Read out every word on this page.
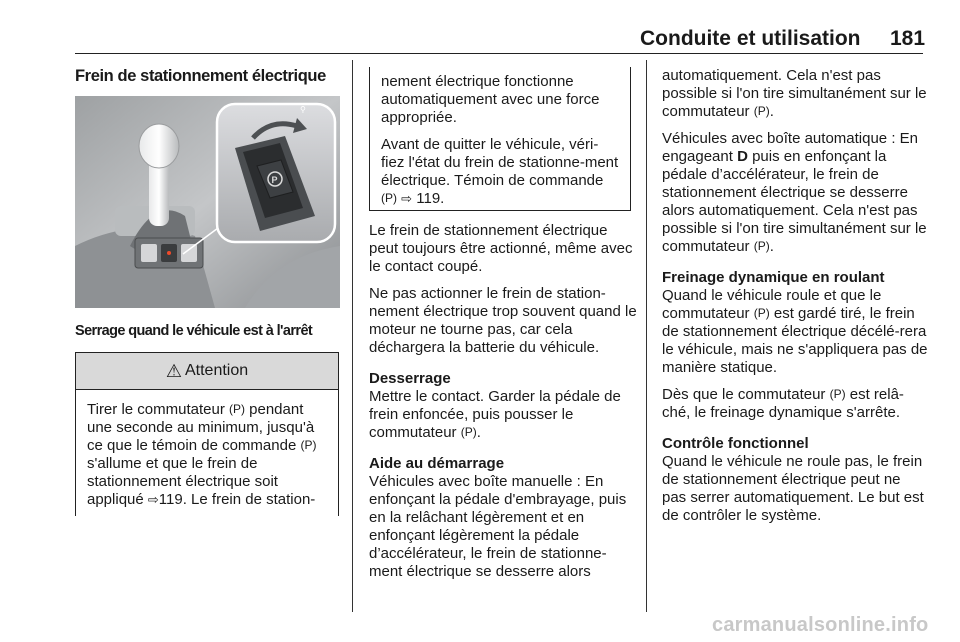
Conduite et utilisation 181
Frein de stationnement électrique
P
⚲
Serrage quand le véhicule est à l'arrêt
⚠ Attention
Tirer le commutateur (P) pendant une seconde au minimum, jusqu'à ce que le témoin de commande (P) s'allume et que le frein de stationnement électrique soit appliqué ⇨119. Le frein de station-

nement électrique fonctionne automatiquement avec une force appropriée.

Avant de quitter le véhicule, véri-fiez l'état du frein de stationne-ment électrique. Témoin de commande (P) ⇨ 119.

Le frein de stationnement électrique peut toujours être actionné, même avec le contact coupé.

Ne pas actionner le frein de station-nement électrique trop souvent quand le moteur ne tourne pas, car cela déchargera la batterie du véhicule.

Desserrage
Mettre le contact. Garder la pédale de frein enfoncée, puis pousser le commutateur (P).

Aide au démarrage
Véhicules avec boîte manuelle : En enfonçant la pédale d'embrayage, puis en la relâchant légèrement et en enfonçant légèrement la pédale d’accélérateur, le frein de stationne-ment électrique se desserre alors

automatiquement. Cela n'est pas possible si l'on tire simultanément sur le commutateur (P).

Véhicules avec boîte automatique : En engageant D puis en enfonçant la pédale d’accélérateur, le frein de stationnement électrique se desserre alors automatiquement. Cela n'est pas possible si l'on tire simultanément sur le commutateur (P).

Freinage dynamique en roulant
Quand le véhicule roule et que le commutateur (P) est gardé tiré, le frein de stationnement électrique décélé-rera le véhicule, mais ne s'appliquera pas de manière statique.

Dès que le commutateur (P) est relâ-ché, le freinage dynamique s'arrête.

Contrôle fonctionnel
Quand le véhicule ne roule pas, le frein de stationnement électrique peut ne pas serrer automatiquement. Le but est de contrôler le système.

carmanualsonline.info
